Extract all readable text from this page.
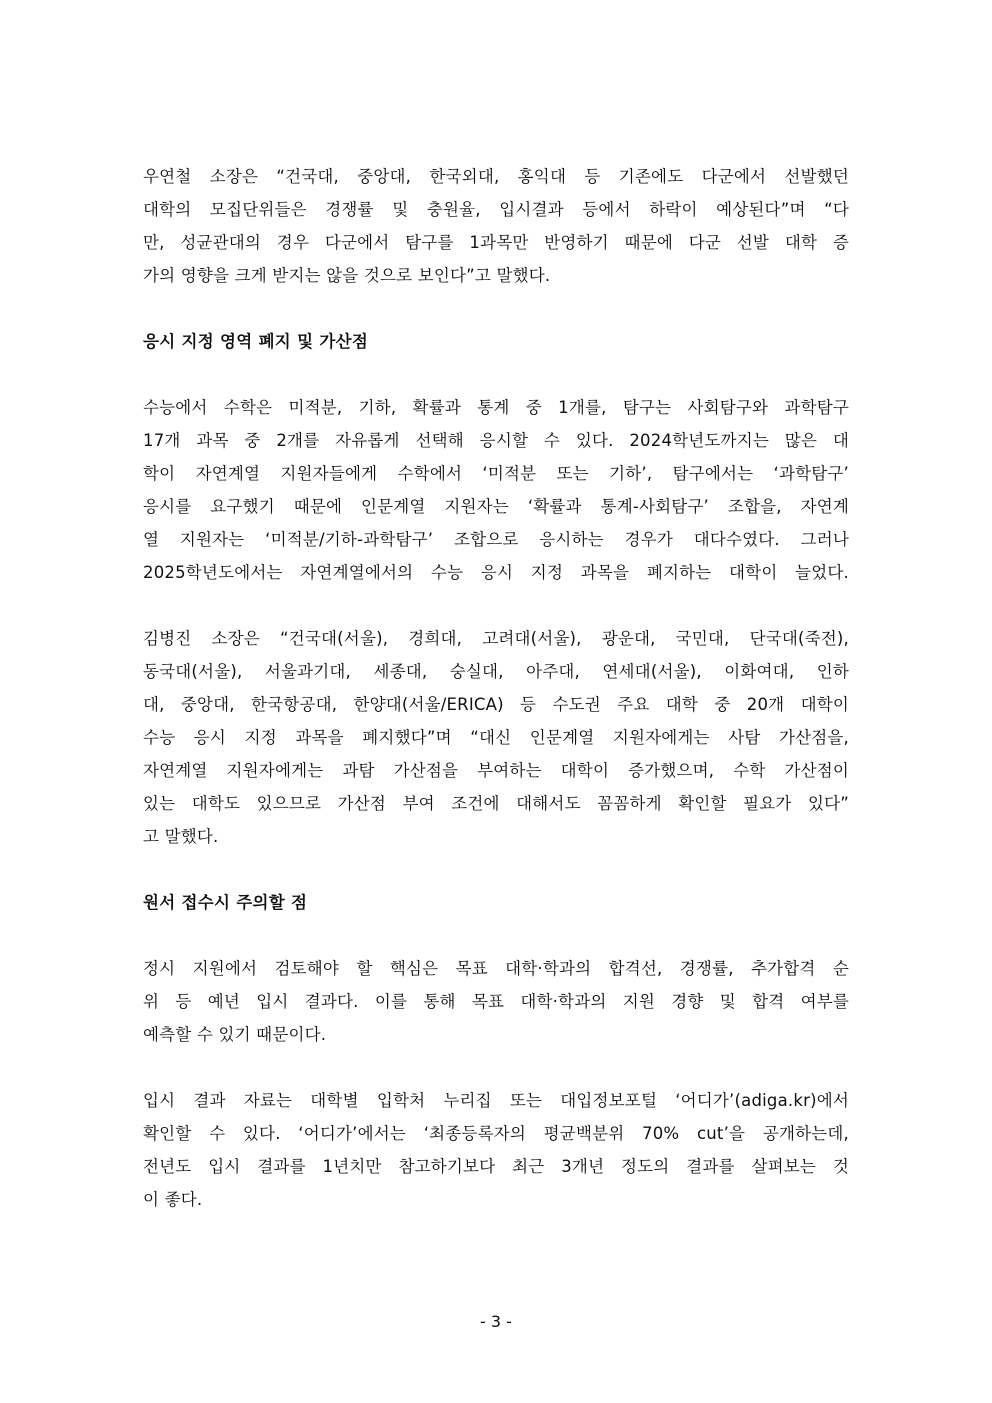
우연철 소장은 “건국대, 중앙대, 한국외대, 홍익대 등 기존에도 다군에서 선발했던
대학의 모집단위들은 경쟁률 및 충원율, 입시결과 등에서 하락이 예상된다”며 “다
만, 성균관대의 경우 다군에서 탐구를 1과목만 반영하기 때문에 다군 선발 대학 증
가의 영향을 크게 받지는 않을 것으로 보인다”고 말했다.
응시 지정 영역 폐지 및 가산점
수능에서 수학은 미적분, 기하, 확률과 통계 중 1개를, 탐구는 사회탐구와 과학탐구
17개 과목 중 2개를 자유롭게 선택해 응시할 수 있다. 2024학년도까지는 많은 대
학이 자연계열 지원자들에게 수학에서 ‘미적분 또는 기하’, 탐구에서는 ‘과학탐구’
응시를 요구했기 때문에 인문계열 지원자는 ‘확률과 통계-사회탐구’ 조합을, 자연계
열 지원자는 ‘미적분/기하-과학탐구’ 조합으로 응시하는 경우가 대다수였다. 그러나
2025학년도에서는 자연계열에서의 수능 응시 지정 과목을 폐지하는 대학이 늘었다.
김병진 소장은 “건국대(서울), 경희대, 고려대(서울), 광운대, 국민대, 단국대(죽전),
동국대(서울), 서울과기대, 세종대, 숭실대, 아주대, 연세대(서울), 이화여대, 인하
대, 중앙대, 한국항공대, 한양대(서울/ERICA) 등 수도권 주요 대학 중 20개 대학이
수능 응시 지정 과목을 폐지했다”며 “대신 인문계열 지원자에게는 사탐 가산점을,
자연계열 지원자에게는 과탐 가산점을 부여하는 대학이 증가했으며, 수학 가산점이
있는 대학도 있으므로 가산점 부여 조건에 대해서도 꼼꼼하게 확인할 필요가 있다”
고 말했다.
원서 접수시 주의할 점
정시 지원에서 검토해야 할 핵심은 목표 대학·학과의 합격선, 경쟁률, 추가합격 순
위 등 예년 입시 결과다. 이를 통해 목표 대학·학과의 지원 경향 및 합격 여부를
예측할 수 있기 때문이다.
입시 결과 자료는 대학별 입학처 누리집 또는 대입정보포털 ‘어디가’(adiga.kr)에서
확인할 수 있다. ‘어디가’에서는 ‘최종등록자의 평균백분위 70% cut’을 공개하는데,
전년도 입시 결과를 1년치만 참고하기보다 최근 3개년 정도의 결과를 살펴보는 것
이 좋다.
- 3 -
